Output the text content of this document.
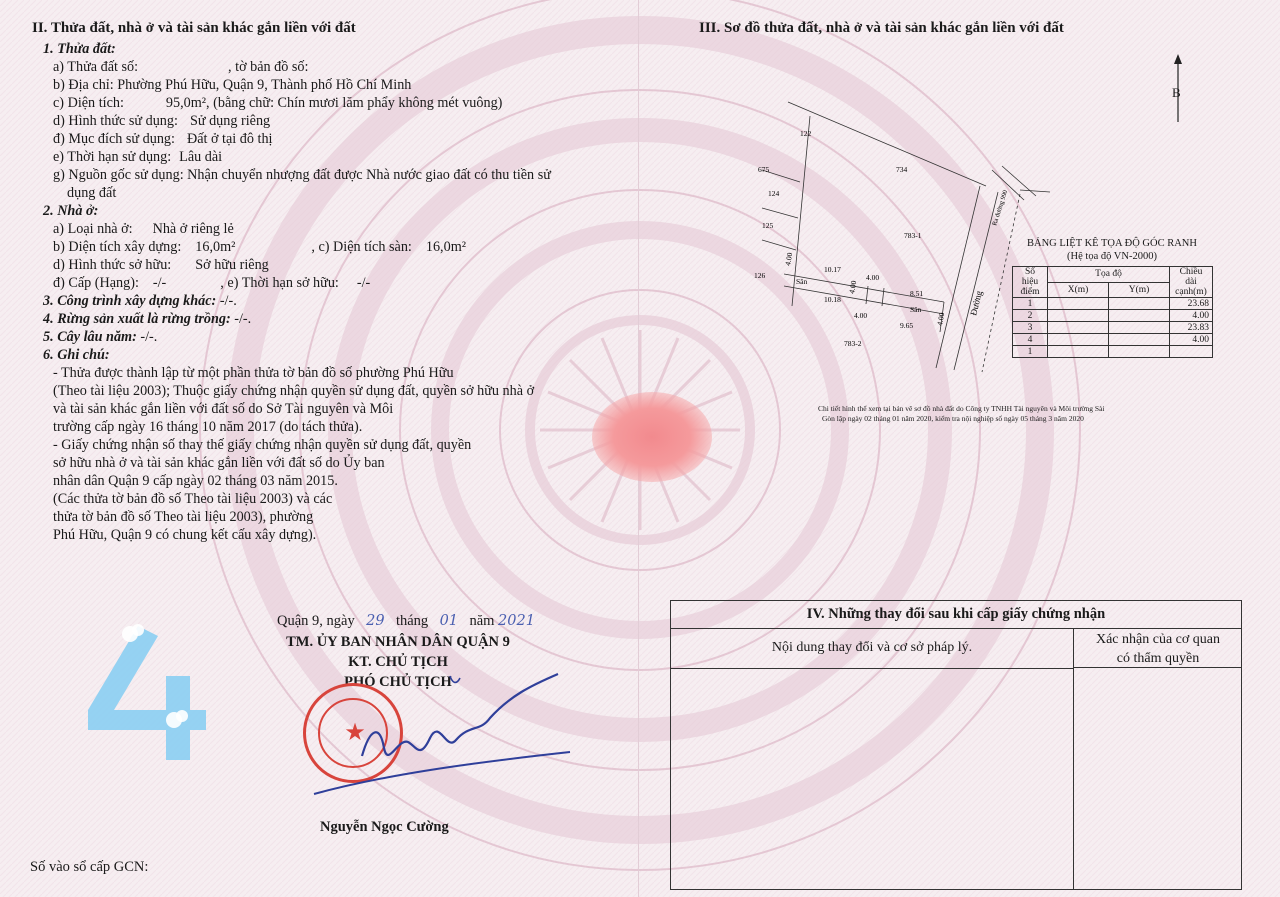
II. Thửa đất, nhà ở và tài sản khác gắn liền với đất
1. Thửa đất:
a) Thửa đất số:	, tờ bản đồ số:
b) Địa chỉ: Phường Phú Hữu, Quận 9, Thành phố Hồ Chí Minh
c) Diện tích:	95,0m², (bằng chữ: Chín mươi lăm phẩy không mét vuông)
d) Hình thức sử dụng: Sử dụng riêng
đ) Mục đích sử dụng: Đất ở tại đô thị
e) Thời hạn sử dụng: Lâu dài
g) Nguồn gốc sử dụng: Nhận chuyển nhượng đất được Nhà nước giao đất có thu tiền sử
dụng đất
2. Nhà ở:
a) Loại nhà ở: Nhà ở riêng lẻ
b) Diện tích xây dựng: 16,0m²	, c) Diện tích sàn: 16,0m²
d) Hình thức sở hữu: Sở hữu riêng
đ) Cấp (Hạng): -/-	, e) Thời hạn sở hữu: -/-
3. Công trình xây dựng khác: -/-.
4. Rừng sản xuất là rừng trồng: -/-.
5. Cây lâu năm: -/-.
6. Ghi chú:
- Thửa được thành lập từ một phần thửa tờ bản đồ số phường Phú Hữu
(Theo tài liệu 2003); Thuộc giấy chứng nhận quyền sử dụng đất, quyền sở hữu nhà ở
và tài sản khác gắn liền với đất số do Sở Tài nguyên và Môi
trường cấp ngày 16 tháng 10 năm 2017 (do tách thửa).
- Giấy chứng nhận số thay thế giấy chứng nhận quyền sử dụng đất, quyền
sở hữu nhà ở và tài sản khác gắn liền với đất số do Ủy ban
nhân dân Quận 9 cấp ngày 02 tháng 03 năm 2015.
(Các thửa tờ bản đồ số Theo tài liệu 2003) và các
thửa tờ bản đồ số Theo tài liệu 2003), phường
Phú Hữu, Quận 9 có chung kết cấu xây dựng).
Quận 9, ngày 29 tháng 01 năm 2021
TM. ỦY BAN NHÂN DÂN QUẬN 9
KT. CHỦ TỊCH
PHÓ CHỦ TỊCH
★
Nguyễn Ngọc Cường
Số vào sổ cấp GCN:
4
III. Sơ đồ thửa đất, nhà ở và tài sản khác gắn liền với đất
B
122
675	734
124
125
783-1
126
10.17
4.00
8.51
Sân
Sân
10.18
4.00
9.65
783-2
4.00
4.00
4.00
Đường
Ra đường 990
BẢNG LIỆT KÊ TỌA ĐỘ GÓC RANH
(Hệ tọa độ VN-2000)
Số hiệu điểm	Tọa độ		Chiều dài cạnh(m)
	X(m)	Y(m)	
1			23.68
2			4.00
3			23.83
4			4.00
1			
Chi tiết hình thể xem tại bản vẽ sơ đồ nhà đất do Công ty TNHH Tài nguyên và Môi trường Sài
Gòn lập ngày 02 tháng 01 năm 2020, kiểm tra nội nghiệp số ngày 05 tháng 3 năm 2020
IV. Những thay đổi sau khi cấp giấy chứng nhận
Nội dung thay đổi và cơ sở pháp lý.
Xác nhận của cơ quan
có thẩm quyền
